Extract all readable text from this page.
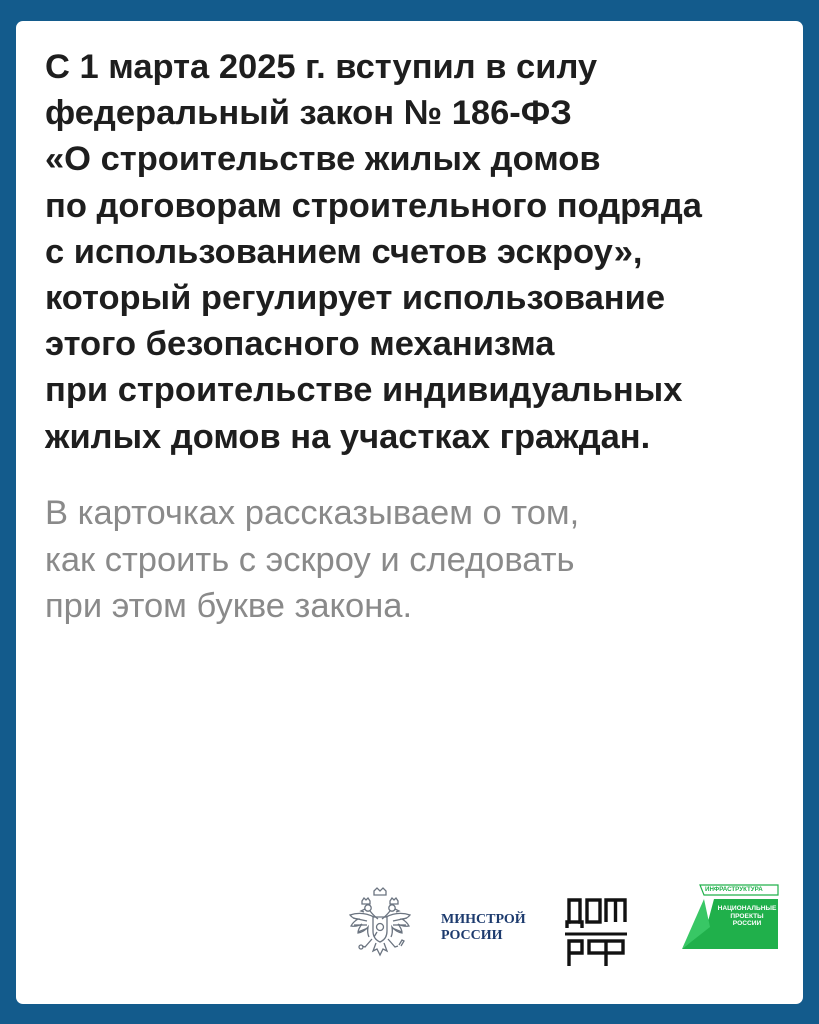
С 1 марта 2025 г. вступил в силу
федеральный закон № 186-ФЗ
«О строительстве жилых домов
по договорам строительного подряда
с использованием счетов эскроу»,
который регулирует использование
этого безопасного механизма
при строительстве индивидуальных
жилых домов на участках граждан.
В карточках рассказываем о том,
как строить с эскроу и следовать
при этом букве закона.
МИНСТРОЙ
РОССИИ
ИНФРАСТРУКТУРА
НАЦИОНАЛЬНЫЕ
ПРОЕКТЫ
РОССИИ
